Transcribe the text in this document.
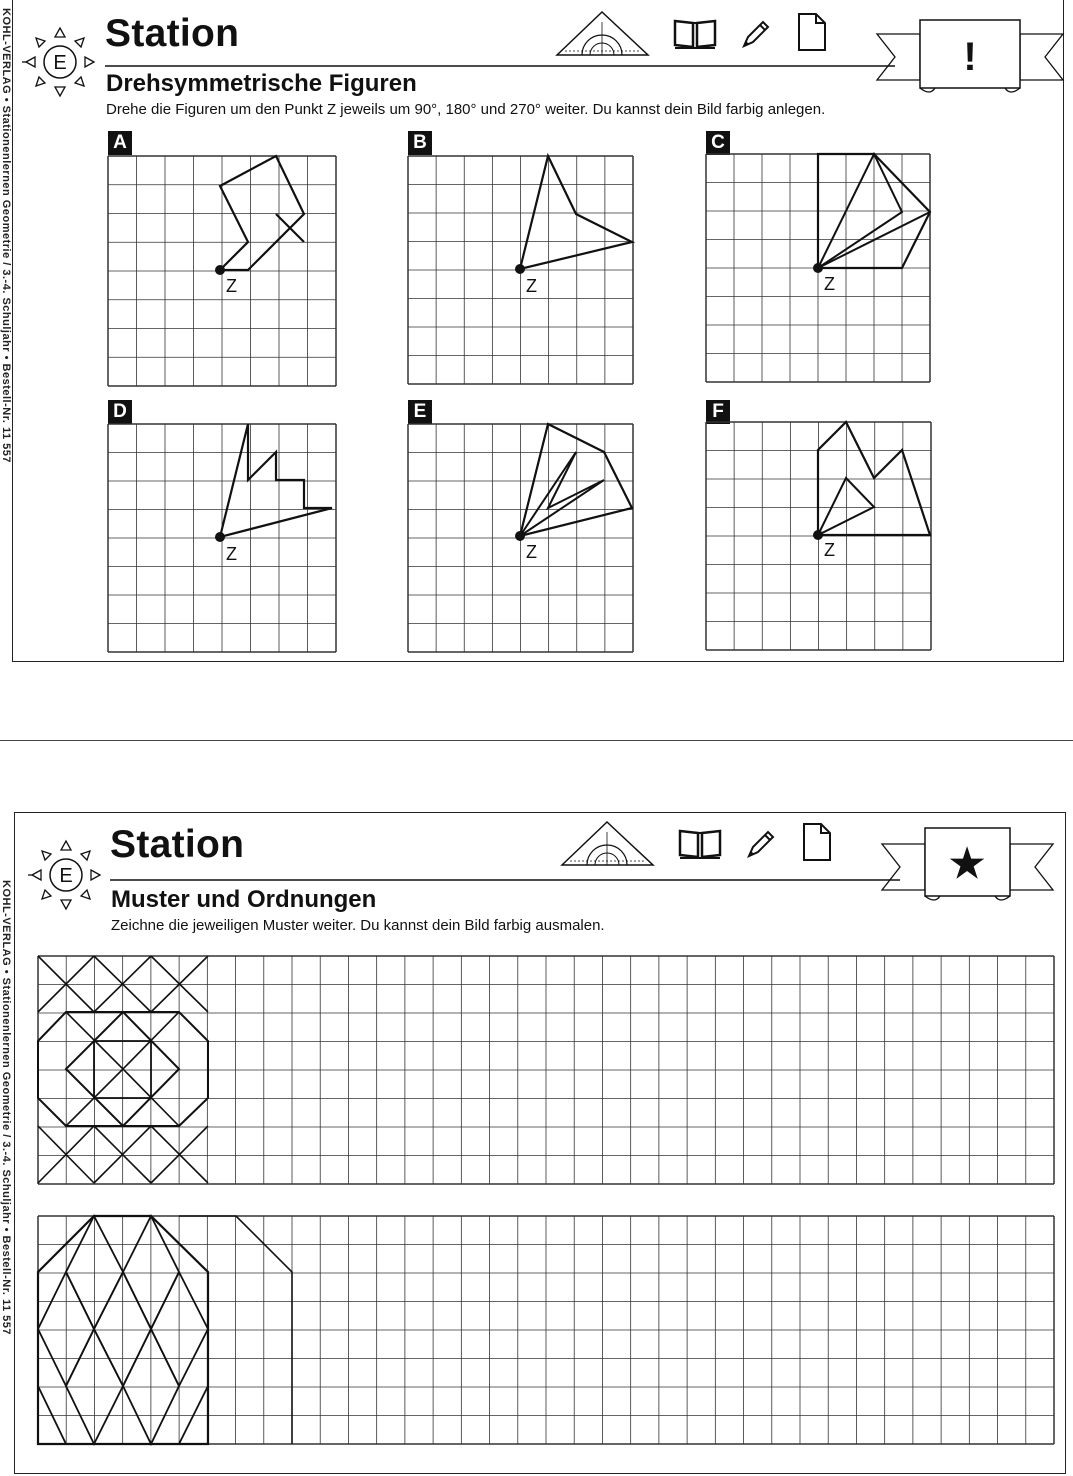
KOHL-VERLAG • Stationenlernen Geometrie / 3.-4. Schuljahr • Bestell-Nr. 11 557 E
Station
Drehsymmetrische Figuren
Drehe die Figuren um den Punkt Z jeweils um 90°, 180° und 270° weiter. Du kannst dein Bild farbig anlegen.
!
A	B	C
D	E	F
Z	Z	Z
Z	Z	Z
KOHL-VERLAG • Stationenlernen Geometrie / 3.-4. Schuljahr • Bestell-Nr. 11 557
E
Station
Muster und Ordnungen
Zeichne die jeweiligen Muster weiter. Du kannst dein Bild farbig ausmalen.
★
